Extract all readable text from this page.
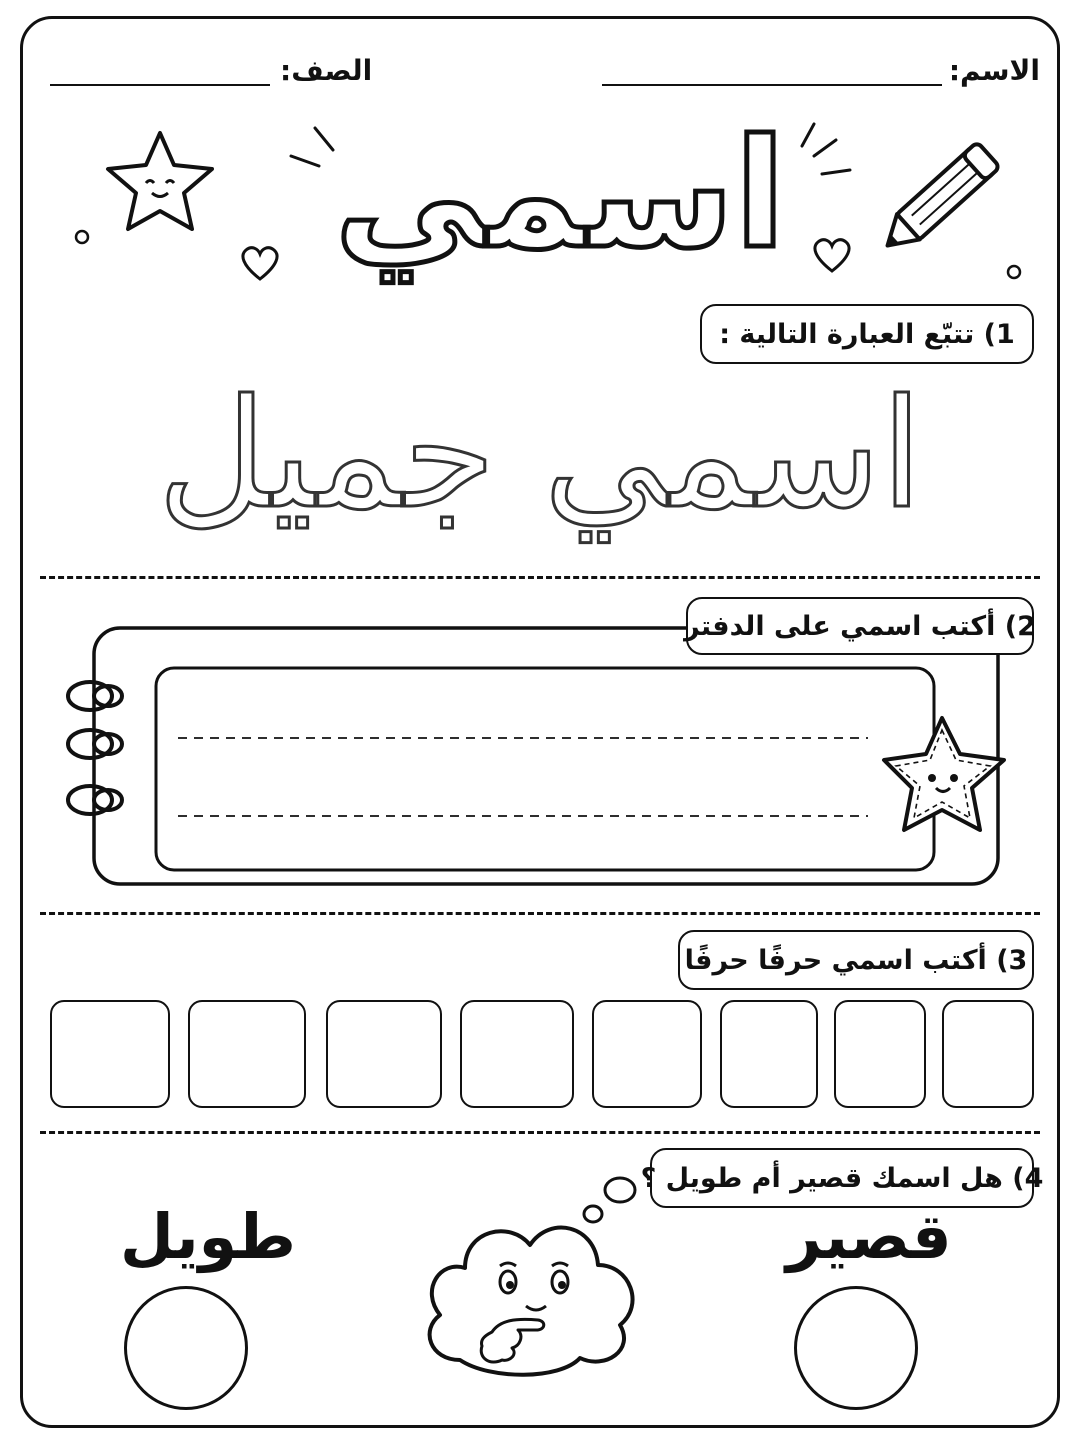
الاسم:
الصف:
اسمي
1) تتبّع العبارة التالية :
اسمي جميل
2) أكتب اسمي على الدفتر
3) أكتب اسمي حرفًا حرفًا
4) هل اسمك قصير أم طويل ؟
قصير
طويل
